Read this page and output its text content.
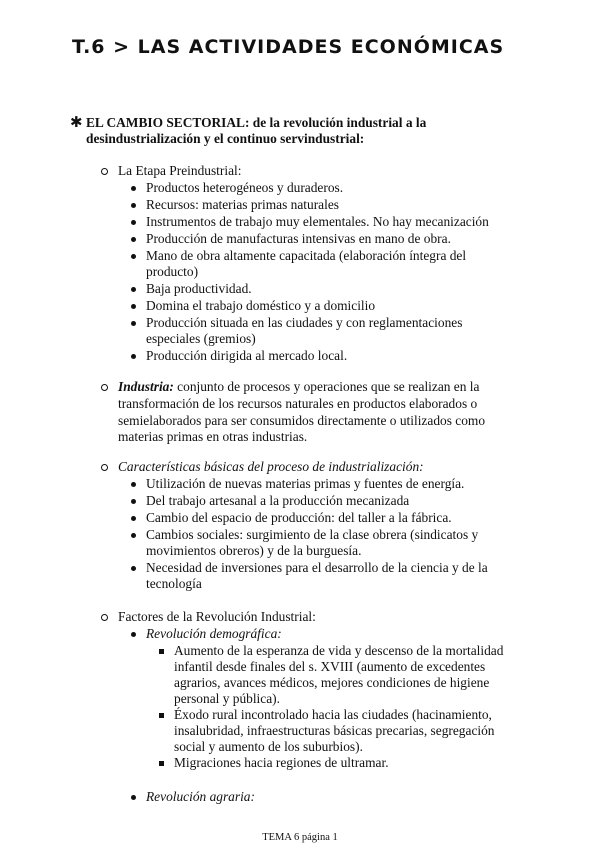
T.6 > LAS ACTIVIDADES ECONÓMICAS
✱ EL CAMBIO SECTORIAL: de la revolución industrial a la
desindustrialización y el continuo servindustrial:
La Etapa Preindustrial:
Productos heterogéneos y duraderos.
Recursos: materias primas naturales
Instrumentos de trabajo muy elementales. No hay mecanización
Producción de manufacturas intensivas en mano de obra.
Mano de obra altamente capacitada (elaboración íntegra del
producto)
Baja productividad.
Domina el trabajo doméstico y a domicilio
Producción situada en las ciudades y con reglamentaciones
especiales (gremios)
Producción dirigida al mercado local.
Industria: conjunto de procesos y operaciones que se realizan en la
transformación de los recursos naturales en productos elaborados o
semielaborados para ser consumidos directamente o utilizados como
materias primas en otras industrias.
Características básicas del proceso de industrialización:
Utilización de nuevas materias primas y fuentes de energía.
Del trabajo artesanal a la producción mecanizada
Cambio del espacio de producción: del taller a la fábrica.
Cambios sociales: surgimiento de la clase obrera (sindicatos y
movimientos obreros) y de la burguesía.
Necesidad de inversiones para el desarrollo de la ciencia y de la
tecnología
Factores de la Revolución Industrial:
Revolución demográfica:
Aumento de la esperanza de vida y descenso de la mortalidad
infantil desde finales del s. XVIII (aumento de excedentes
agrarios, avances médicos, mejores condiciones de higiene
personal y pública).
Éxodo rural incontrolado hacia las ciudades (hacinamiento,
insalubridad, infraestructuras básicas precarias, segregación
social y aumento de los suburbios).
Migraciones hacia regiones de ultramar.
Revolución agraria:
TEMA 6 página 1
